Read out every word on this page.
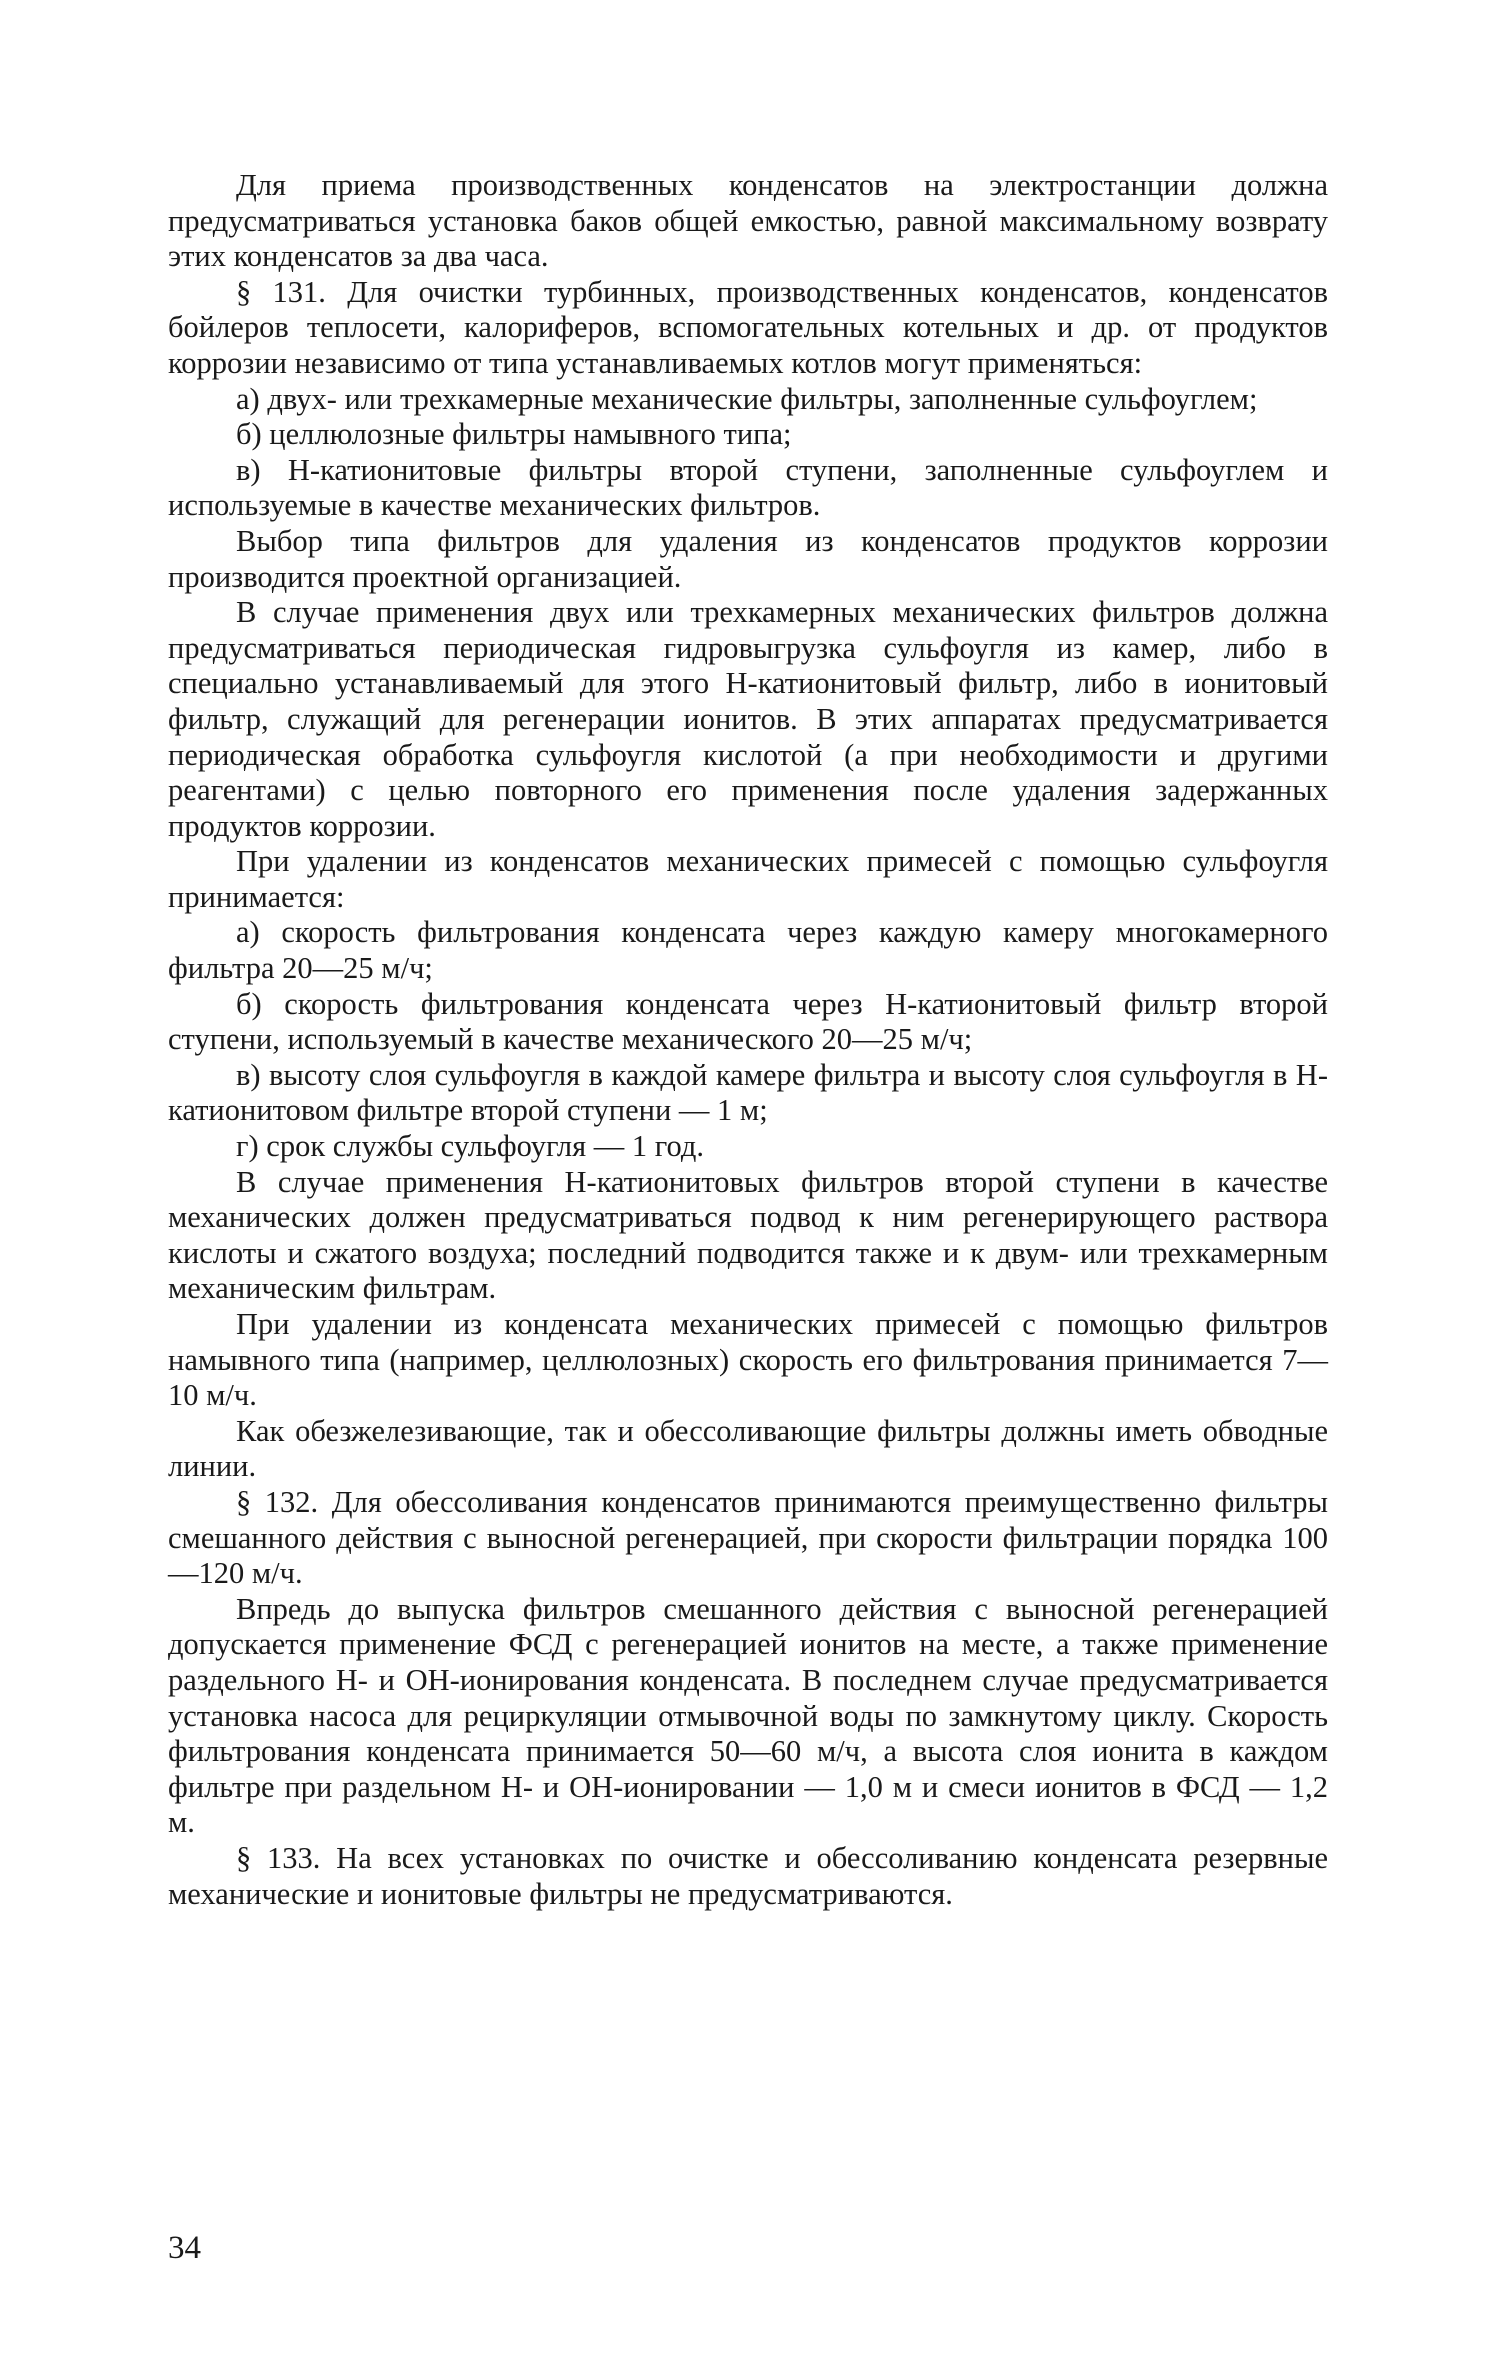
Для приема производственных конденсатов на электростанции должна предусматриваться установка баков общей емкостью, равной максимальному возврату этих конденсатов за два часа.

§ 131. Для очистки турбинных, производственных конденсатов, конденсатов бойлеров теплосети, калориферов, вспомогательных котельных и др. от продуктов коррозии независимо от типа устанавливаемых котлов могут применяться:

а) двух- или трехкамерные механические фильтры, заполненные сульфоуглем;

б) целлюлозные фильтры намывного типа;

в) Н-катионитовые фильтры второй ступени, заполненные сульфоуглем и используемые в качестве механических фильтров.

Выбор типа фильтров для удаления из конденсатов продуктов коррозии производится проектной организацией.

В случае применения двух или трехкамерных механических фильтров должна предусматриваться периодическая гидровыгрузка сульфоугля из камер, либо в специально устанавливаемый для этого Н-катионитовый фильтр, либо в ионитовый фильтр, служащий для регенерации ионитов. В этих аппаратах предусматривается периодическая обработка сульфоугля кислотой (а при необходимости и другими реагентами) с целью повторного его применения после удаления задержанных продуктов коррозии.

При удалении из конденсатов механических примесей с помощью сульфоугля принимается:

а) скорость фильтрования конденсата через каждую камеру многокамерного фильтра 20—25 м/ч;

б) скорость фильтрования конденсата через Н-катионитовый фильтр второй ступени, используемый в качестве механического 20—25 м/ч;

в) высоту слоя сульфоугля в каждой камере фильтра и высоту слоя сульфоугля в Н-катионитовом фильтре второй ступени — 1 м;

г) срок службы сульфоугля — 1 год.

В случае применения Н-катионитовых фильтров второй ступени в качестве механических должен предусматриваться подвод к ним регенерирующего раствора кислоты и сжатого воздуха; последний подводится также и к двум- или трехкамерным механическим фильтрам.

При удалении из конденсата механических примесей с помощью фильтров намывного типа (например, целлюлозных) скорость его фильтрования принимается 7—10 м/ч.

Как обезжелезивающие, так и обессоливающие фильтры должны иметь обводные линии.

§ 132. Для обессоливания конденсатов принимаются преимущественно фильтры смешанного действия с выносной регенерацией, при скорости фильтрации порядка 100—120 м/ч.

Впредь до выпуска фильтров смешанного действия с выносной регенерацией допускается применение ФСД с регенерацией ионитов на месте, а также применение раздельного Н- и ОН-ионирования конденсата. В последнем случае предусматривается установка насоса для рециркуляции отмывочной воды по замкнутому циклу. Скорость фильтрования конденсата принимается 50—60 м/ч, а высота слоя ионита в каждом фильтре при раздельном Н- и ОН-ионировании — 1,0 м и смеси ионитов в ФСД — 1,2 м.

§ 133. На всех установках по очистке и обессоливанию конденсата резервные механические и ионитовые фильтры не предусматриваются.

34
